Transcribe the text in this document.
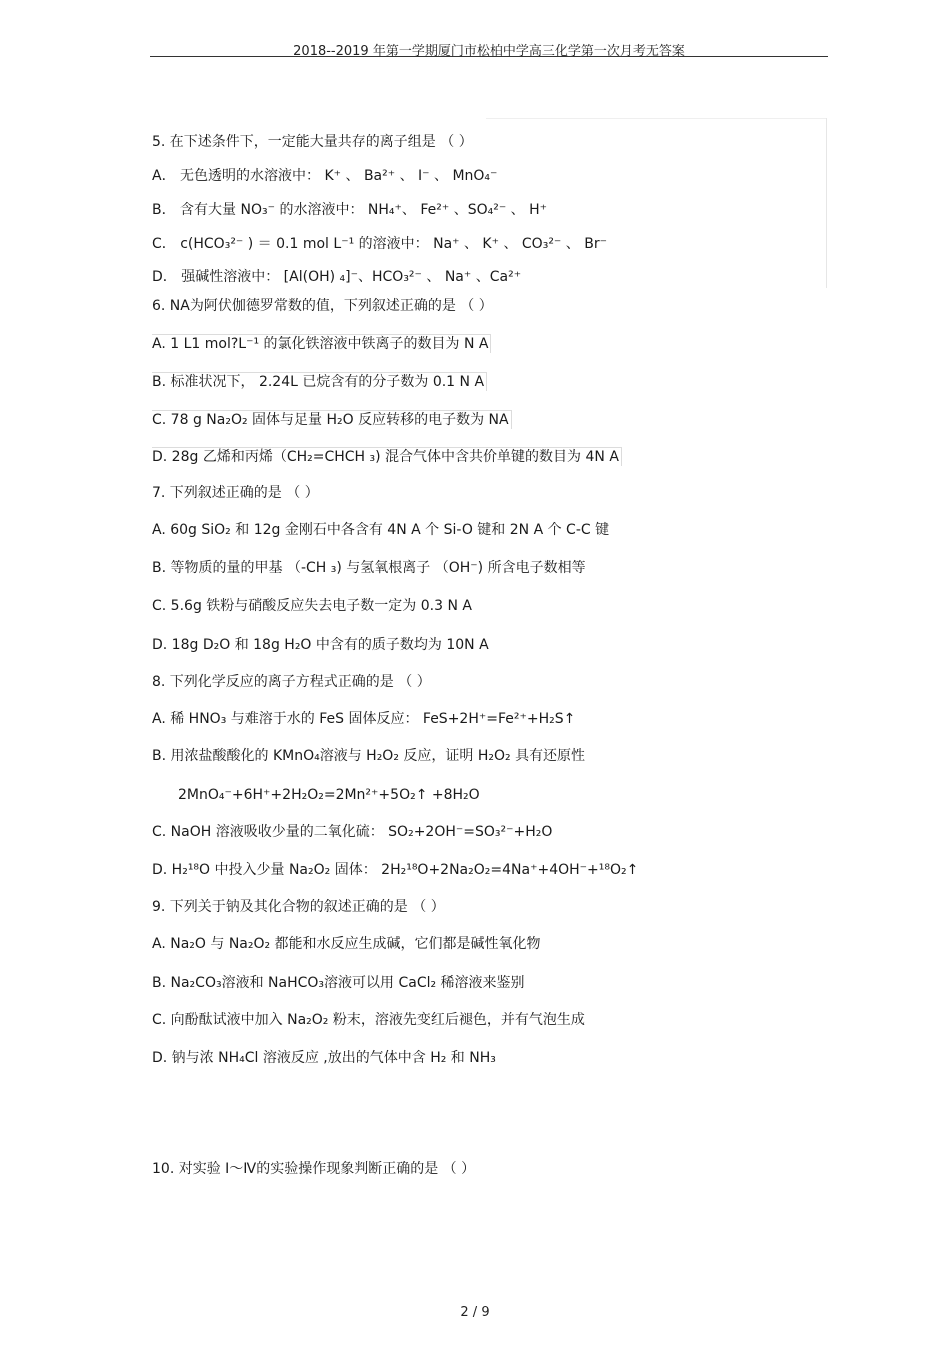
2018--2019 年第一学期厦门市松柏中学高三化学第一次月考无答案
5. 在下述条件下，一定能大量共存的离子组是 （ ）
A． 无色透明的水溶液中： K⁺ 、 Ba²⁺ 、 I⁻ 、 MnO₄⁻
B． 含有大量 NO₃⁻ 的水溶液中： NH₄⁺、 Fe²⁺ 、SO₄²⁻ 、 H⁺
C． c(HCO₃²⁻ ) ＝ 0.1 mol L⁻¹ 的溶液中： Na⁺ 、 K⁺ 、 CO₃²⁻ 、 Br⁻
D． 强碱性溶液中： [Al(OH) ₄]⁻、HCO₃²⁻ 、 Na⁺ 、Ca²⁺
6. NA为阿伏伽德罗常数的值，下列叙述正确的是 （ ）
A. 1 L1 mol?L⁻¹ 的氯化铁溶液中铁离子的数目为 N A
B. 标准状况下， 2.24L 已烷含有的分子数为 0.1 N A
C. 78 g Na₂O₂ 固体与足量 H₂O 反应转移的电子数为 NA
D. 28g 乙烯和丙烯（CH₂=CHCH ₃) 混合气体中含共价单键的数目为 4N A
7. 下列叙述正确的是 （ ）
A. 60g SiO₂ 和 12g 金刚石中各含有 4N A 个 Si-O 键和 2N A 个 C-C 键
B. 等物质的量的甲基 （-CH ₃) 与氢氧根离子 （OH⁻) 所含电子数相等
C. 5.6g 铁粉与硝酸反应失去电子数一定为 0.3 N A
D. 18g D₂O 和 18g H₂O 中含有的质子数均为 10N A
8. 下列化学反应的离子方程式正确的是 （ ）
A. 稀 HNO₃ 与难溶于水的 FeS 固体反应： FeS+2H⁺=Fe²⁺+H₂S↑
B. 用浓盐酸酸化的 KMnO₄溶液与 H₂O₂ 反应，证明 H₂O₂ 具有还原性
2MnO₄⁻+6H⁺+2H₂O₂=2Mn²⁺+5O₂↑ +8H₂O
C. NaOH 溶液吸收少量的二氧化硫： SO₂+2OH⁻=SO₃²⁻+H₂O
D. H₂¹⁸O 中投入少量 Na₂O₂ 固体： 2H₂¹⁸O+2Na₂O₂=4Na⁺+4OH⁻+¹⁸O₂↑
9. 下列关于钠及其化合物的叙述正确的是 （ ）
A. Na₂O 与 Na₂O₂ 都能和水反应生成碱，它们都是碱性氧化物
B. Na₂CO₃溶液和 NaHCO₃溶液可以用 CaCl₂ 稀溶液来鉴别
C. 向酚酞试液中加入 Na₂O₂ 粉末，溶液先变红后褪色，并有气泡生成
D. 钠与浓 NH₄Cl 溶液反应 ,放出的气体中含 H₂ 和 NH₃
10. 对实验 Ⅰ～Ⅳ的实验操作现象判断正确的是 （ ）
2 / 9
